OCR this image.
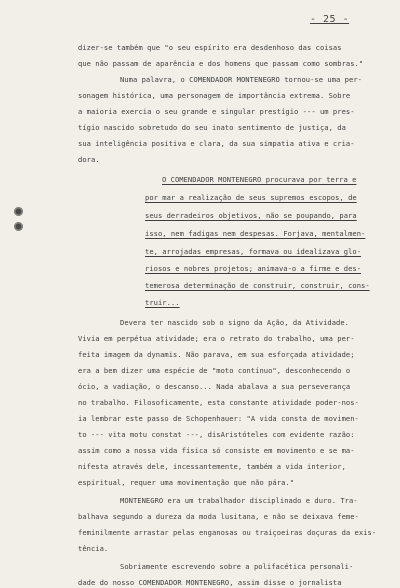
- 25 -
dizer-se também que "o seu espírito era desdenhoso das coisas
que não passam de aparência e dos homens que passam como sombras."
Numa palavra, o COMENDADOR MONTENEGRO tornou-se uma per-
sonagem histórica, uma personagem de importância extrema. Sobre
a maioria exercia o seu grande e singular prestígio --- um pres-
tígio nascido sobretudo do seu inato sentimento de justiça, da
sua inteligência positiva e clara, da sua simpatia ativa e cria-
dora.
O COMENDADOR MONTENEGRO procurava por terra e
por mar a realização de seus supremos escopos, de
seus derradeiros objetivos, não se poupando, para
isso, nem fadigas nem despesas. Forjava, mentalmen-
te, arrojadas empresas, formava ou idealizava glo-
riosos e nobres projetos; animava-o a firme e des-
temerosa determinação de construir, construir, cons-
truir...
Devera ter nascido sob o signo da Ação, da Atividade.
Vivia em perpétua atividade; era o retrato do trabalho, uma per-
feita imagem da dynamis. Não parava, em sua esforçada atividade;
era a bem dizer uma espécie de "moto contínuo", desconhecendo o
ócio, a vadiação, o descanso... Nada abalava a sua perseverança
no trabalho. Filosoficamente, esta constante atividade poder-nos-
ia lembrar este passo de Schopenhauer: "A vida consta de movimen-
to --- vita motu constat ---, disAristóteles com evidente razão:
assim como a nossa vida física só consiste em movimento e se ma-
nifesta através dele, incessantemente, também a vida interior,
espiritual, requer uma movimentação que não pára."
MONTENEGRO era um trabalhador disciplinado e duro. Tra-
balhava segundo a dureza da moda lusitana, e não se deixava feme-
feminilmente arrastar pelas enganosas ou traiçoeiras doçuras da exis-
tência.
Sobriamente escrevendo sobre a polifacética personali-
dade do nosso COMENDADOR MONTENEGRO, assim disse o jornalista
